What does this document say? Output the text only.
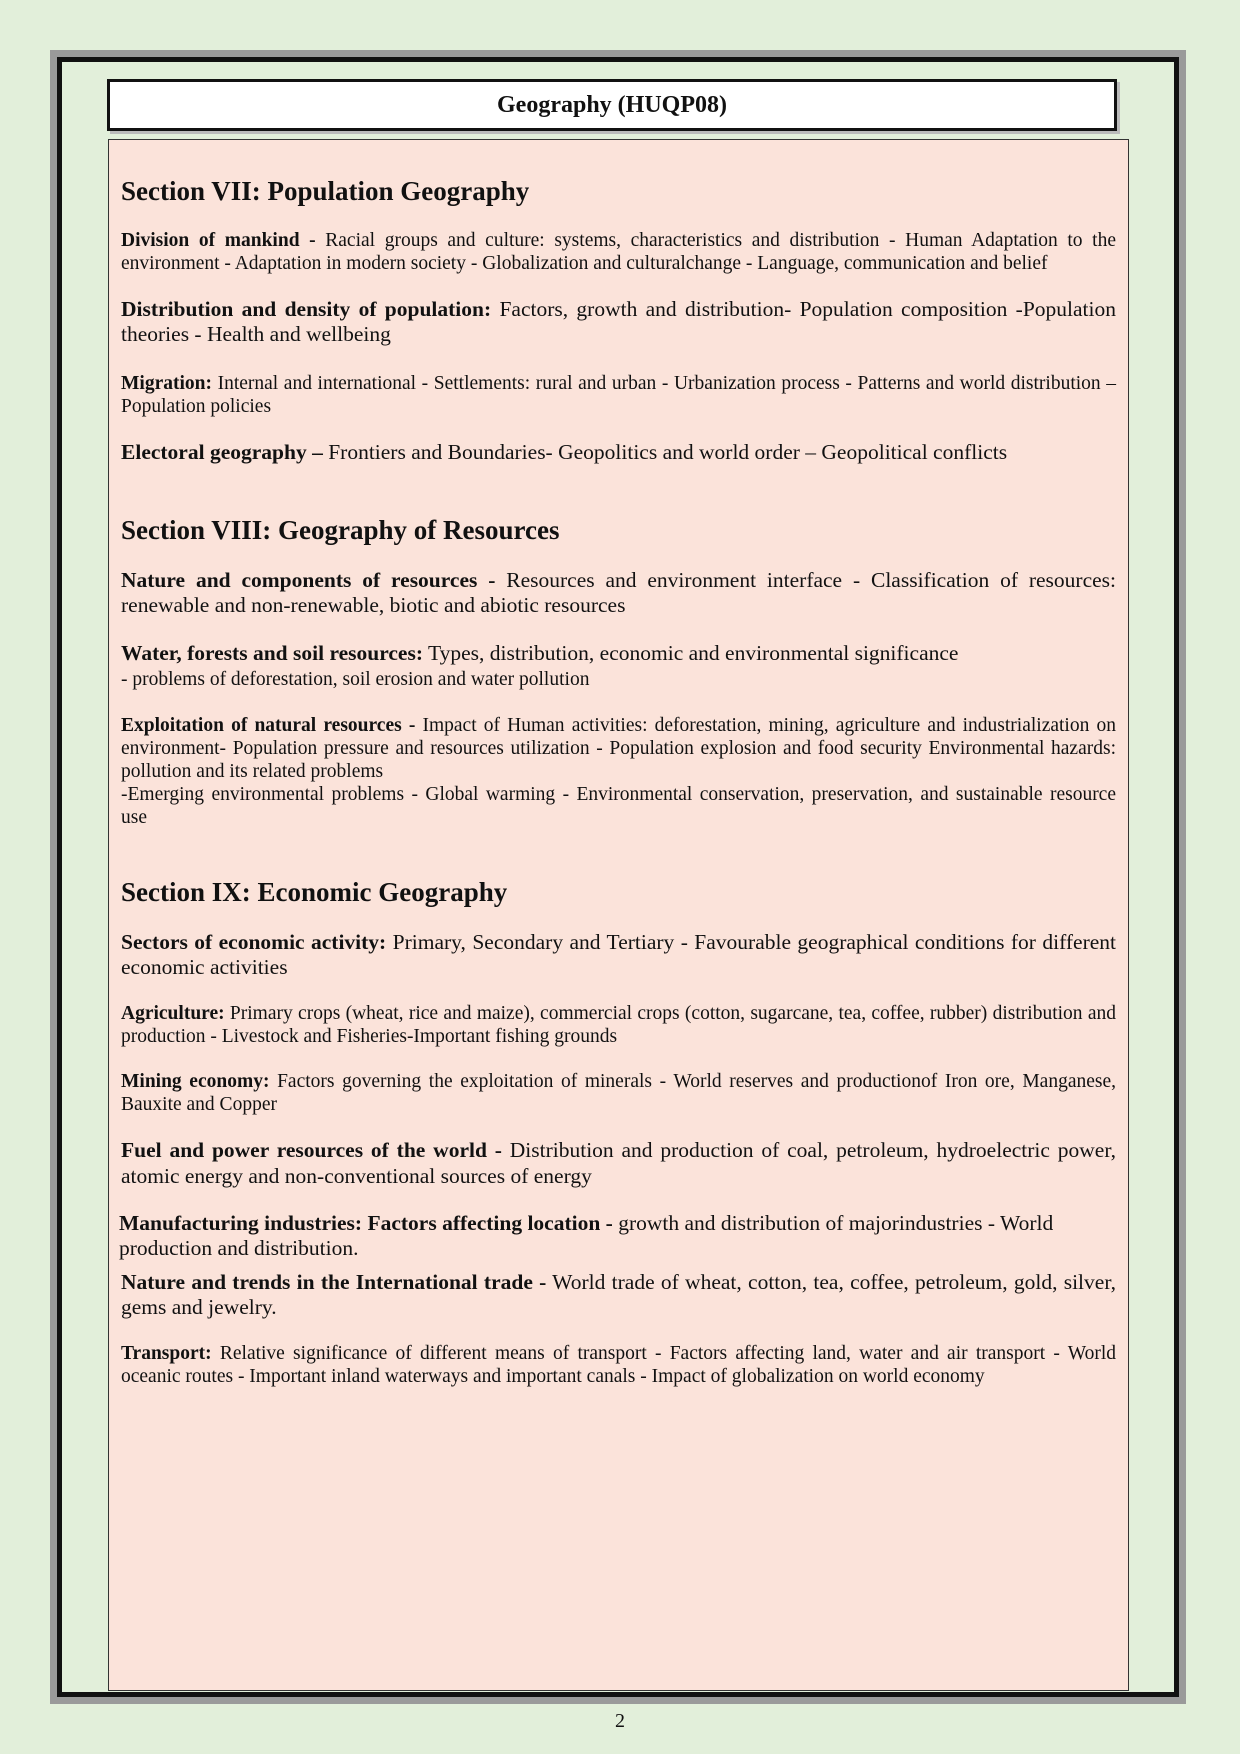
Geography (HUQP08)
Section VII: Population Geography

Division of mankind - Racial groups and culture: systems, characteristics and distribution - Human Adaptation to the environment - Adaptation in modern society - Globalization and culturalchange - Language, communication and belief

Distribution and density of population: Factors, growth and distribution- Population composition -Population theories - Health and wellbeing

Migration: Internal and international - Settlements: rural and urban - Urbanization process - Patterns and world distribution – Population policies

Electoral geography – Frontiers and Boundaries- Geopolitics and world order – Geopolitical conflicts

Section VIII: Geography of Resources

Nature and components of resources - Resources and environment interface - Classification of resources: renewable and non-renewable, biotic and abiotic resources

Water, forests and soil resources: Types, distribution, economic and environmental significance
- problems of deforestation, soil erosion and water pollution

Exploitation of natural resources - Impact of Human activities: deforestation, mining, agriculture and industrialization on environment- Population pressure and resources utilization - Population explosion and food security Environmental hazards: pollution and its related problems
-Emerging environmental problems - Global warming - Environmental conservation, preservation, and sustainable resource use

Section IX: Economic Geography

Sectors of economic activity: Primary, Secondary and Tertiary - Favourable geographical conditions for different economic activities

Agriculture: Primary crops (wheat, rice and maize), commercial crops (cotton, sugarcane, tea, coffee, rubber) distribution and production - Livestock and Fisheries-Important fishing grounds

Mining economy: Factors governing the exploitation of minerals - World reserves and productionof Iron ore, Manganese, Bauxite and Copper

Fuel and power resources of the world - Distribution and production of coal, petroleum, hydroelectric power, atomic energy and non-conventional sources of energy

Manufacturing industries: Factors affecting location - growth and distribution of majorindustries - World production and distribution.

Nature and trends in the International trade - World trade of wheat, cotton, tea, coffee, petroleum, gold, silver, gems and jewelry.

Transport: Relative significance of different means of transport - Factors affecting land, water and air transport - World oceanic routes - Important inland waterways and important canals - Impact of globalization on world economy

2
